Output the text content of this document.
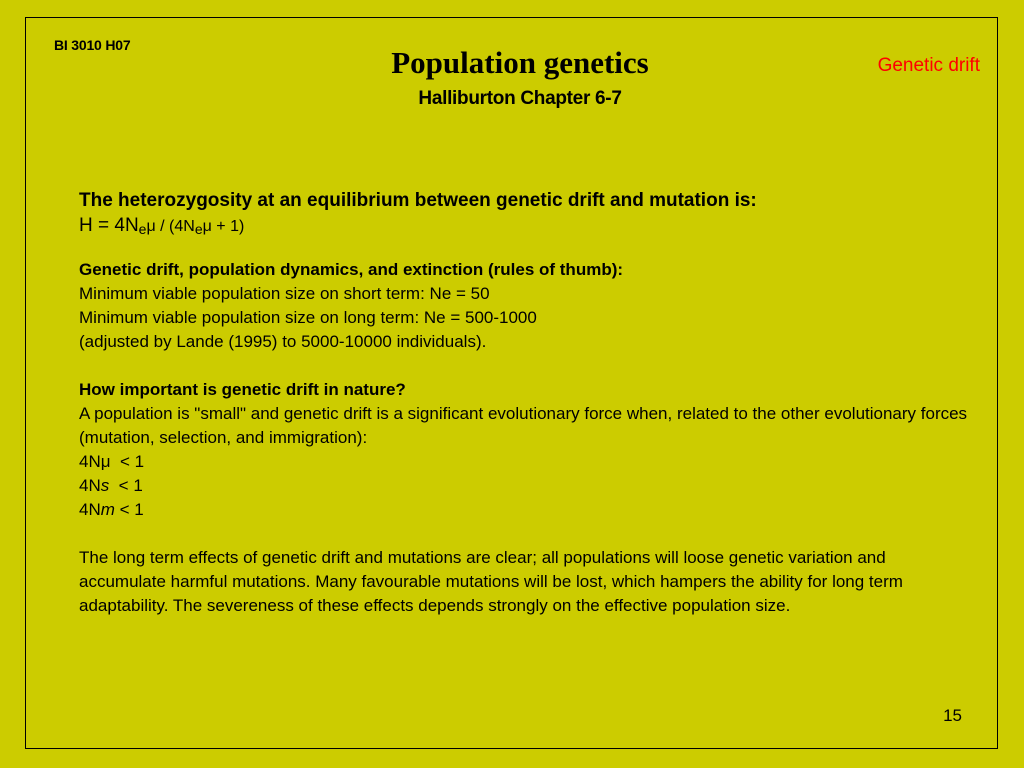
BI 3010 H07	Population genetics
Halliburton Chapter 6-7
Genetic drift
The heterozygosity at an equilibrium between genetic drift and mutation is:
$H = 4N_e\mu / (4N_e\mu + 1)$
Genetic drift, population dynamics, and extinction (rules of thumb):
Minimum viable population size on short term: Ne = 50
Minimum viable population size on long term: Ne = 500-1000
(adjusted by Lande (1995) to 5000-10000 individuals).
How important is genetic drift in nature?
A population is "small" and genetic drift is a significant evolutionary force when, related to the other evolutionary forces (mutation, selection, and immigration):
4Nμ  < 1
4Ns  < 1
4Nm < 1
The long term effects of genetic drift and mutations are clear; all populations will loose genetic variation and accumulate harmful mutations. Many favourable mutations will be lost, which hampers the ability for long term adaptability. The severeness of these effects depends strongly on the effective population size.
15
